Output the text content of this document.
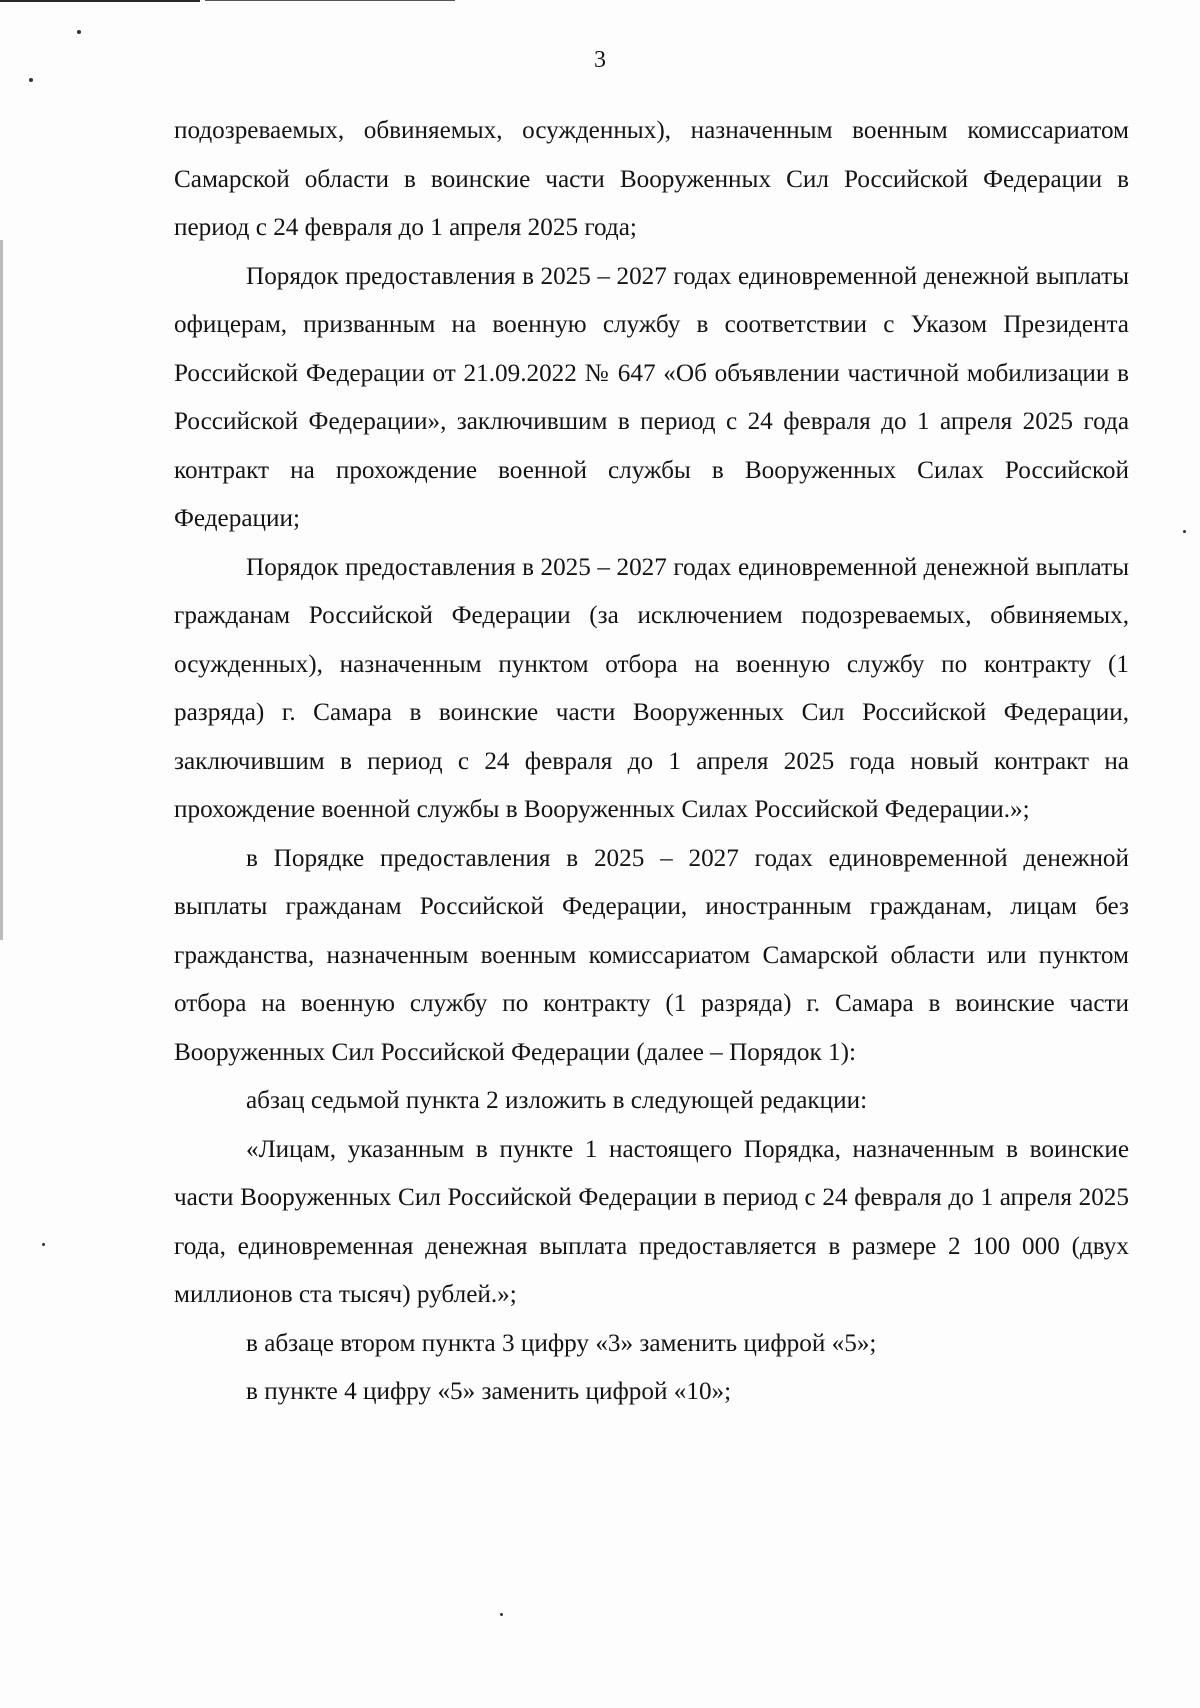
3

подозреваемых, обвиняемых, осужденных), назначенным военным комиссариатом Самарской области в воинские части Вооруженных Сил Российской Федерации в период с 24 февраля до 1 апреля 2025 года;

Порядок предоставления в 2025 – 2027 годах единовременной денежной выплаты офицерам, призванным на военную службу в соответствии с Указом Президента Российской Федерации от 21.09.2022 № 647 «Об объявлении частичной мобилизации в Российской Федерации», заключившим в период с 24 февраля до 1 апреля 2025 года контракт на прохождение военной службы в Вооруженных Силах Российской Федерации;

Порядок предоставления в 2025 – 2027 годах единовременной денежной выплаты гражданам Российской Федерации (за исключением подозреваемых, обвиняемых, осужденных), назначенным пунктом отбора на военную службу по контракту (1 разряда) г. Самара в воинские части Вооруженных Сил Российской Федерации, заключившим в период с 24 февраля до 1 апреля 2025 года новый контракт на прохождение военной службы в Вооруженных Силах Российской Федерации.»;

в Порядке предоставления в 2025 – 2027 годах единовременной денежной выплаты гражданам Российской Федерации, иностранным гражданам, лицам без гражданства, назначенным военным комиссариатом Самарской области или пунктом отбора на военную службу по контракту (1 разряда) г. Самара в воинские части Вооруженных Сил Российской Федерации (далее – Порядок 1):

абзац седьмой пункта 2 изложить в следующей редакции:

«Лицам, указанным в пункте 1 настоящего Порядка, назначенным в воинские части Вооруженных Сил Российской Федерации в период с 24 февраля до 1 апреля 2025 года, единовременная денежная выплата предоставляется в размере 2 100 000 (двух миллионов ста тысяч) рублей.»;

в абзаце втором пункта 3 цифру «3» заменить цифрой «5»;

в пункте 4 цифру «5» заменить цифрой «10»;
